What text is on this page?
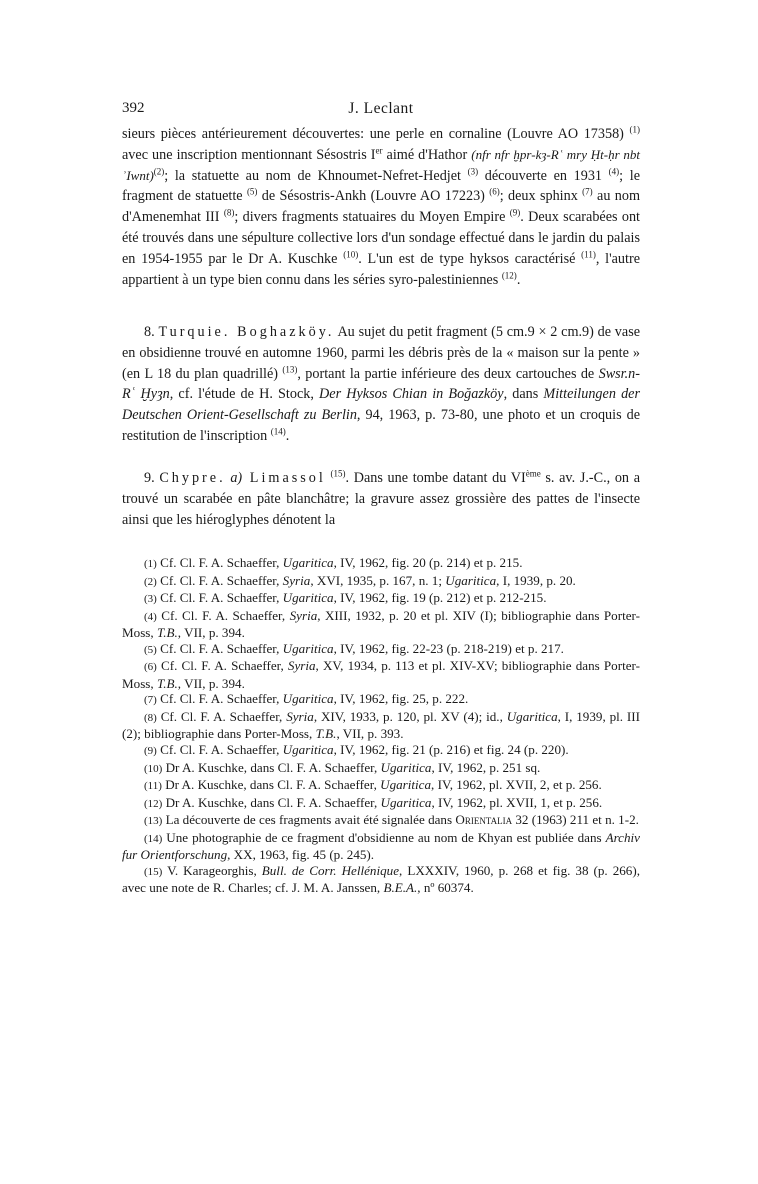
392	J. Leclant

sieurs pièces antérieurement découvertes: une perle en cornaline (Louvre AO 17358) $^{(1)}$ avec une inscription mentionnant Sésostris Ier aimé d'Hathor (nfr nfr ḫpr-kȝ-Rʿ mry Ḥt-ḥr nbt ʾIwnt)$^{(2)}$; la statuette au nom de Khnoumet-Nefret-Hedjet $^{(3)}$ découverte en 1931 $^{(4)}$; le fragment de statuette $^{(5)}$ de Sésostris-Ankh (Louvre AO 17223) $^{(6)}$; deux sphinx $^{(7)}$ au nom d'Amenemhat III $^{(8)}$; divers fragments statuaires du Moyen Empire $^{(9)}$. Deux scarabées ont été trouvés dans une sépulture collective lors d'un sondage effectué dans le jardin du palais en 1954-1955 par le Dr A. Kuschke $^{(10)}$. L'un est de type hyksos caractérisé $^{(11)}$, l'autre appartient à un type bien connu dans les séries syro-palestiniennes $^{(12)}$.

8. Turquie. Boghazköy. Au sujet du petit fragment (5 cm.9 × 2 cm.9) de vase en obsidienne trouvé en automne 1960, parmi les débris près de la « maison sur la pente » (en L 18 du plan quadrillé) $^{(13)}$, portant la partie inférieure des deux cartouches de Swsr.n-Rʿ Ḫyȝn, cf. l'étude de H. Stock, Der Hyksos Chian in Boğazköy, dans Mitteilungen der Deutschen Orient-Gesellschaft zu Berlin, 94, 1963, p. 73-80, une photo et un croquis de restitution de l'inscription $^{(14)}$.

9. Chypre. a) Limassol $^{(15)}$. Dans une tombe datant du VIème s. av. J.-C., on a trouvé un scarabée en pâte blanchâtre; la gravure assez grossière des pattes de l'insecte ainsi que les hiéroglyphes dénotent la

(1) Cf. Cl. F. A. Schaeffer, Ugaritica, IV, 1962, fig. 20 (p. 214) et p. 215.

(2) Cf. Cl. F. A. Schaeffer, Syria, XVI, 1935, p. 167, n. 1; Ugaritica, I, 1939, p. 20.

(3) Cf. Cl. F. A. Schaeffer, Ugaritica, IV, 1962, fig. 19 (p. 212) et p. 212-215.

(4) Cf. Cl. F. A. Schaeffer, Syria, XIII, 1932, p. 20 et pl. XIV (I); bibliographie dans Porter-Moss, T.B., VII, p. 394.

(5) Cf. Cl. F. A. Schaeffer, Ugaritica, IV, 1962, fig. 22-23 (p. 218-219) et p. 217.

(6) Cf. Cl. F. A. Schaeffer, Syria, XV, 1934, p. 113 et pl. XIV-XV; bibliographie dans Porter-Moss, T.B., VII, p. 394.

(7) Cf. Cl. F. A. Schaeffer, Ugaritica, IV, 1962, fig. 25, p. 222.

(8) Cf. Cl. F. A. Schaeffer, Syria, XIV, 1933, p. 120, pl. XV (4); id., Ugaritica, I, 1939, pl. III (2); bibliographie dans Porter-Moss, T.B., VII, p. 393.

(9) Cf. Cl. F. A. Schaeffer, Ugaritica, IV, 1962, fig. 21 (p. 216) et fig. 24 (p. 220).

(10) Dr A. Kuschke, dans Cl. F. A. Schaeffer, Ugaritica, IV, 1962, p. 251 sq.

(11) Dr A. Kuschke, dans Cl. F. A. Schaeffer, Ugaritica, IV, 1962, pl. XVII, 2, et p. 256.

(12) Dr A. Kuschke, dans Cl. F. A. Schaeffer, Ugaritica, IV, 1962, pl. XVII, 1, et p. 256.

(13) La découverte de ces fragments avait été signalée dans Orientalia 32 (1963) 211 et n. 1-2.

(14) Une photographie de ce fragment d'obsidienne au nom de Khyan est publiée dans Archiv fur Orientforschung, XX, 1963, fig. 45 (p. 245).

(15) V. Karageorghis, Bull. de Corr. Hellénique, LXXXIV, 1960, p. 268 et fig. 38 (p. 266), avec une note de R. Charles; cf. J. M. A. Janssen, B.E.A., nº 60374.
